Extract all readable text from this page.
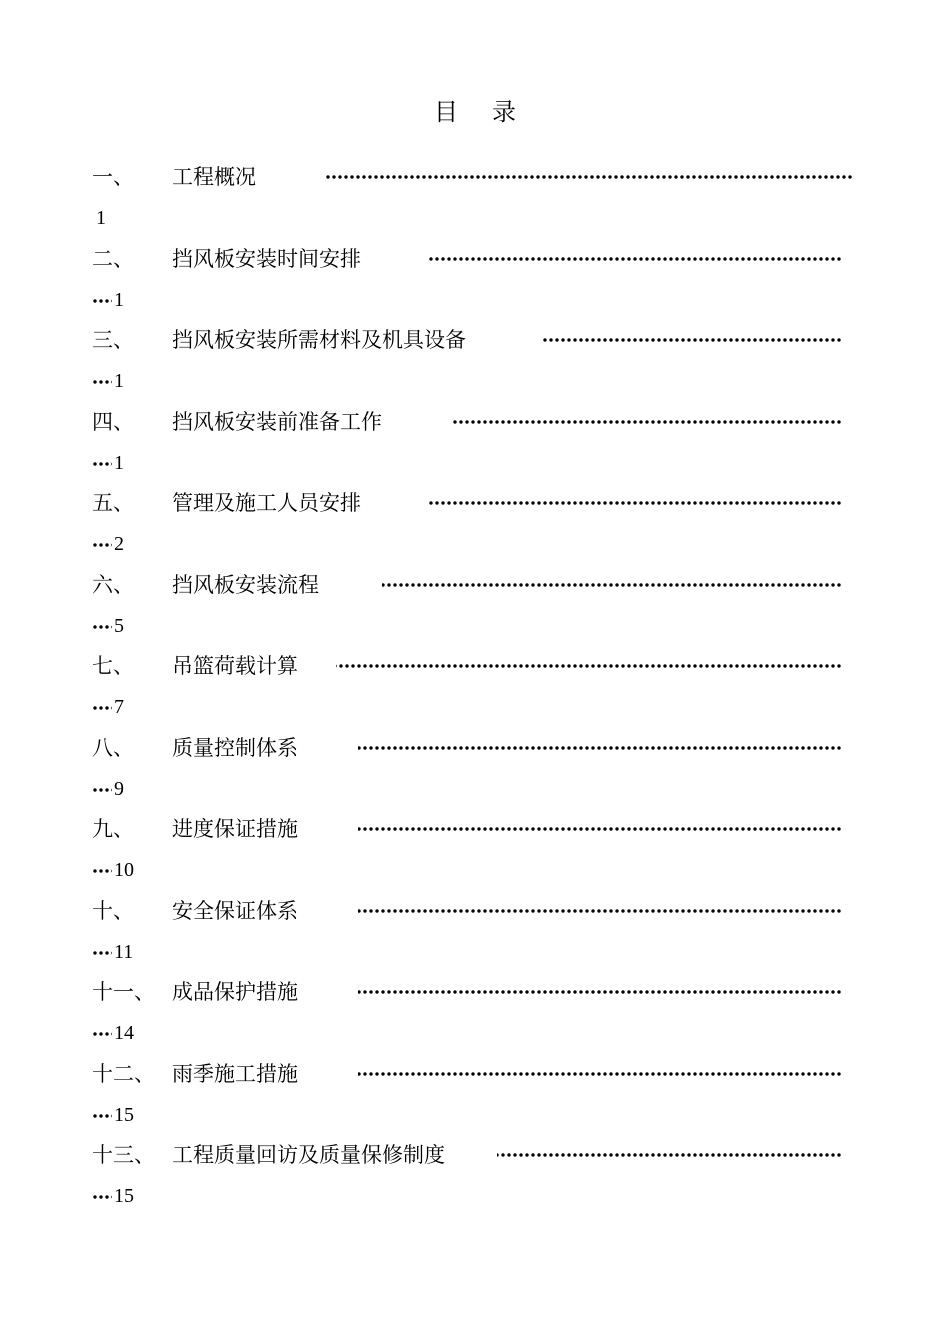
目录
一、 工程概况
1
二、 挡风板安装时间安排
1
三、 挡风板安装所需材料及机具设备
1
四、 挡风板安装前准备工作
1
五、 管理及施工人员安排
2
六、 挡风板安装流程
5
七、 吊篮荷载计算
7
八、 质量控制体系
9
九、 进度保证措施
10
十、 安全保证体系
11
十一、 成品保护措施
14
十二、 雨季施工措施
15
十三、 工程质量回访及质量保修制度
15
